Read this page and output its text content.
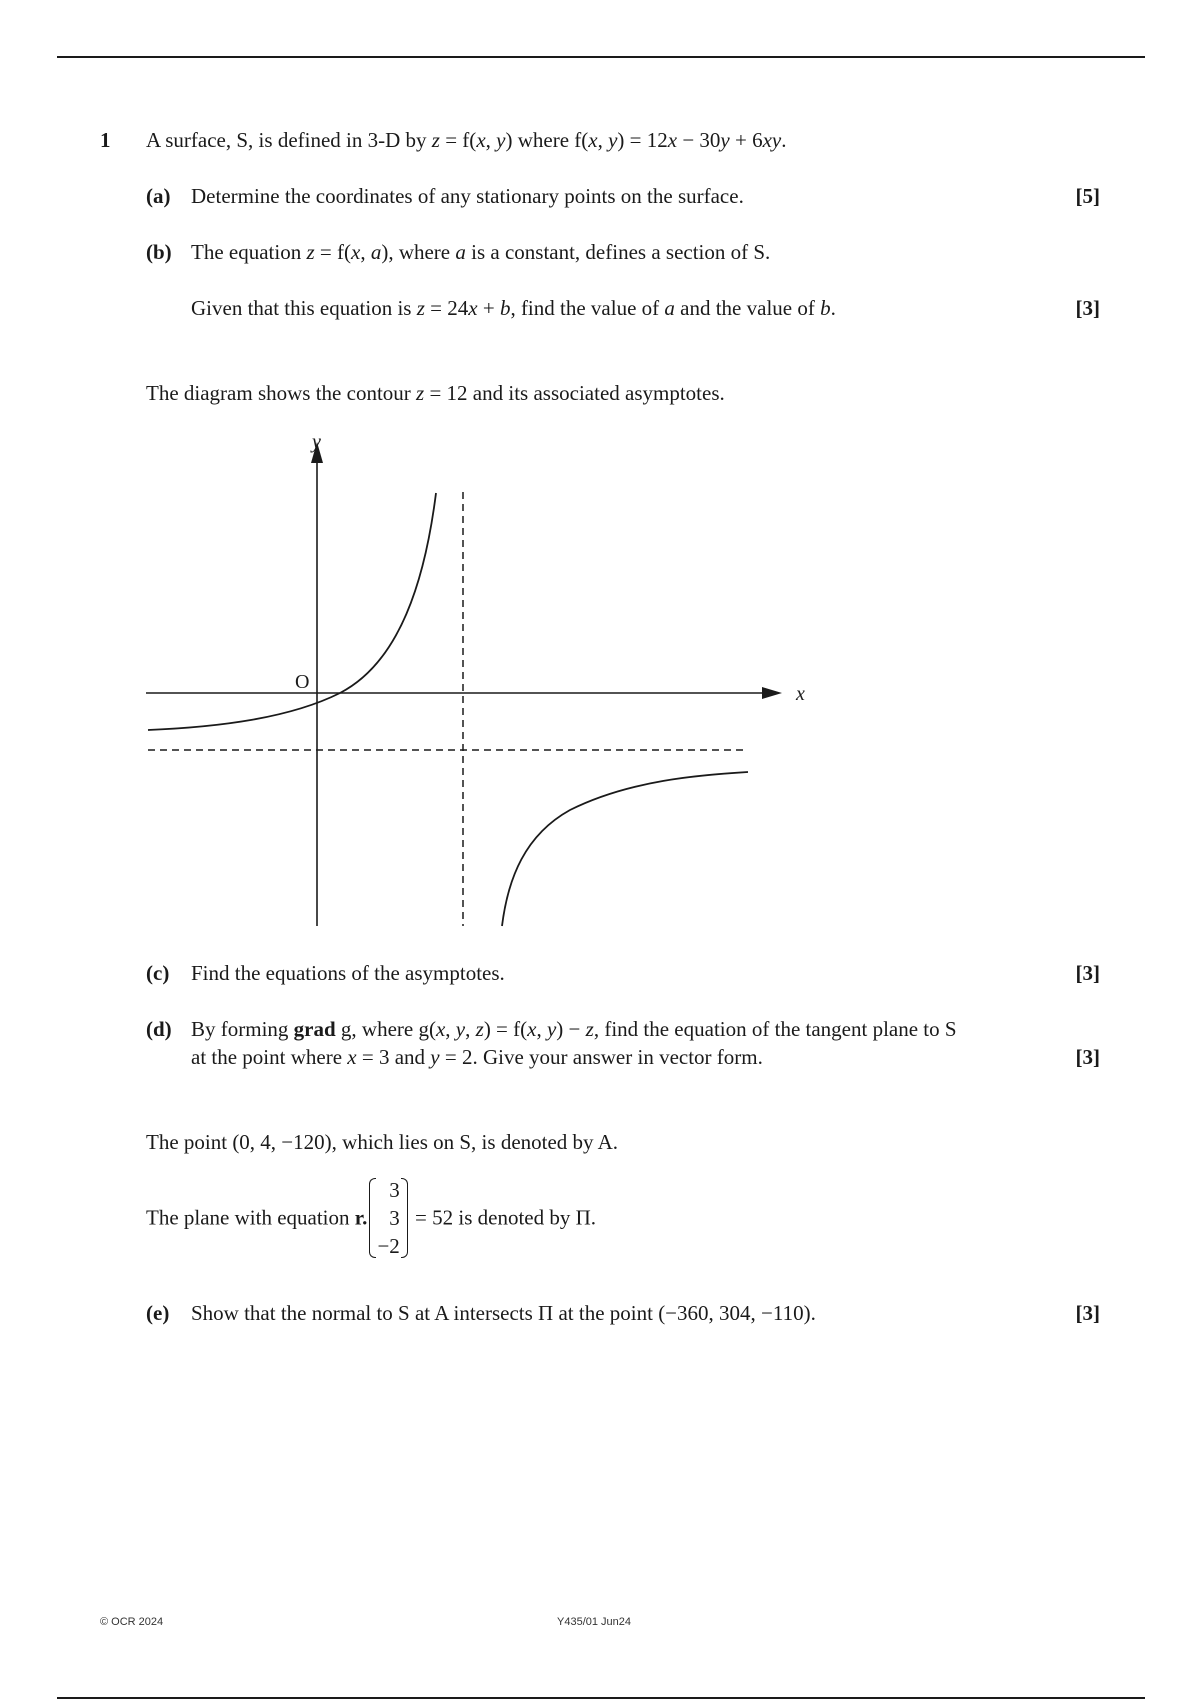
1 A surface, S, is defined in 3-D by z = f(x, y) where f(x, y) = 12x − 30y + 6xy.
(a) Determine the coordinates of any stationary points on the surface.	[5]
(b) The equation z = f(x, a), where a is a constant, defines a section of S.
Given that this equation is z = 24x + b, find the value of a and the value of b.	[3]
The diagram shows the contour z = 12 and its associated asymptotes.
x
y
O
(c) Find the equations of the asymptotes.	[3]
(d) By forming grad g, where g(x, y, z) = f(x, y) − z, find the equation of the tangent plane to S
at the point where x = 3 and y = 2. Give your answer in vector form.	[3]
The point (0, 4, −120), which lies on S, is denoted by A.
The plane with equation r.
3
3
−2
= 52 is denoted by Π.
(e) Show that the normal to S at A intersects Π at the point (−360, 304, −110).	[3]
© OCR 2024	Y435/01 Jun24
